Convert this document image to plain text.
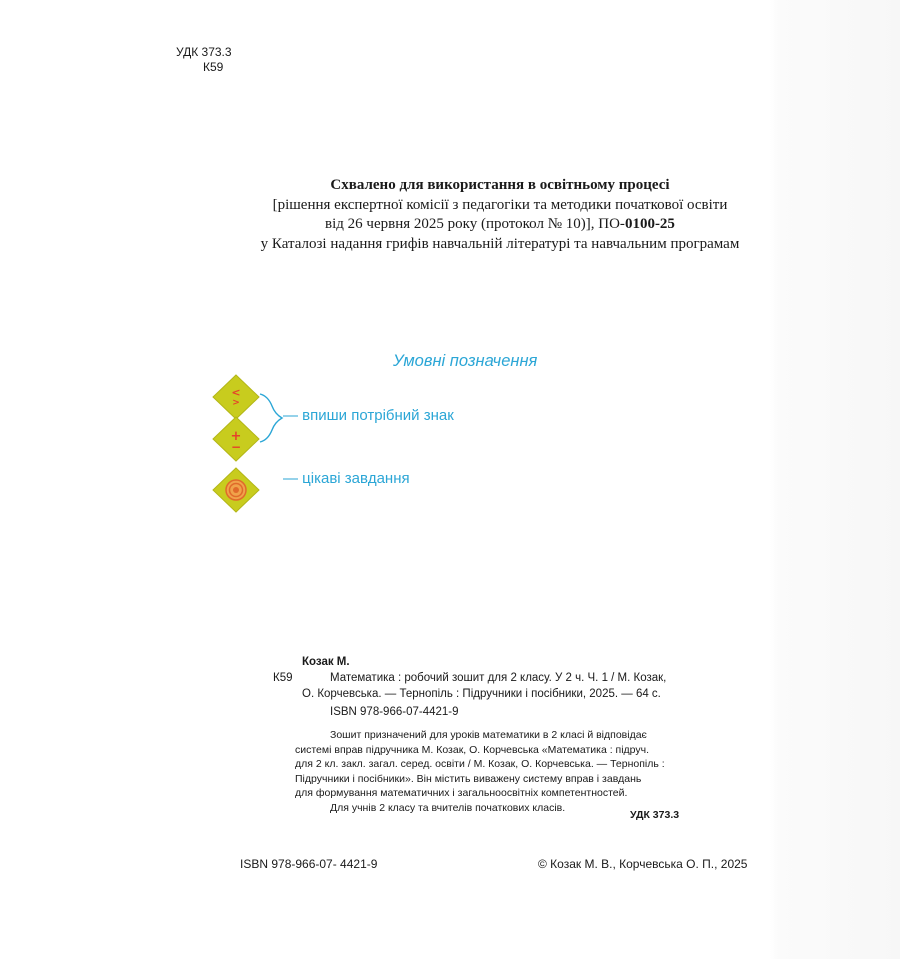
УДК 373.3
К59
Схвалено для використання в освітньому процесі
[рішення експертної комісії з педагогіки та методики початкової освіти
від 26 червня 2025 року (протокол № 10)], ПО-0100-25
у Каталозі надання грифів навчальній літературі та навчальним програмам
Умовні позначення
<
>
+
−
— впиши потрібний знак
— цікаві завдання
Козак М.
К59	Математика : робочий зошит для 2 класу. У 2 ч. Ч. 1 / М. Козак,
О. Корчевська. — Тернопіль : Підручники і посібники, 2025. — 64 с.
ISBN 978-966-07-4421-9
Зошит призначений для уроків математики в 2 класі й відповідає
системі вправ підручника М. Козак, О. Корчевська «Математика : підруч.
для 2 кл. закл. загал. серед. освіти / М. Козак, О. Корчевська. — Тернопіль :
Підручники і посібники». Він містить виважену систему вправ і завдань
для формування математичних і загальноосвітніх компетентностей.
Для учнів 2 класу та вчителів початкових класів.
УДК 373.3
ISBN 978-966-07- 4421-9	© Козак М. В., Корчевська О. П., 2025
